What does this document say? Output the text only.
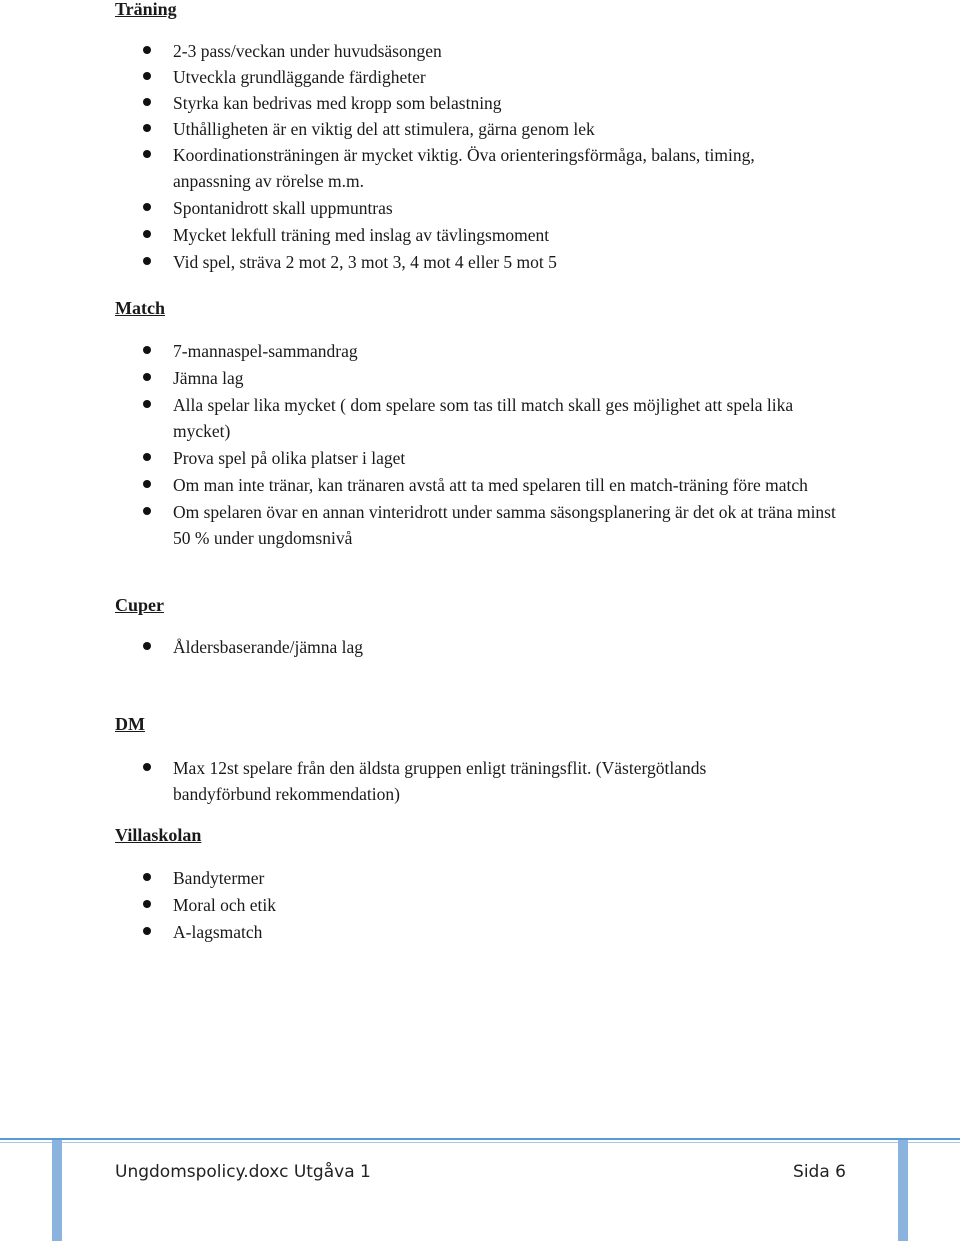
Träning
2-3 pass/veckan under huvudsäsongen
Utveckla grundläggande färdigheter
Styrka kan bedrivas med kropp som belastning
Uthålligheten är en viktig del att stimulera, gärna genom lek
Koordinationsträningen är mycket viktig. Öva orienteringsförmåga, balans, timing, anpassning av rörelse m.m.
Spontanidrott skall uppmuntras
Mycket lekfull träning med inslag av tävlingsmoment
Vid spel, sträva 2 mot 2, 3 mot 3, 4 mot 4 eller 5 mot 5
Match
7-mannaspel-sammandrag
Jämna lag
Alla spelar lika mycket ( dom spelare som tas till match skall ges möjlighet att spela lika mycket)
Prova spel på olika platser i laget
Om man inte tränar, kan tränaren avstå att ta med spelaren till en match-träning före match
Om spelaren övar en annan vinteridrott under samma säsongsplanering är det ok at träna minst 50 % under ungdomsnivå
Cuper
Åldersbaserande/jämna lag
DM
Max 12st spelare från den äldsta gruppen enligt träningsflit. (Västergötlands bandyförbund rekommendation)
Villaskolan
Bandytermer
Moral och etik
A-lagsmatch
Ungdomspolicy.doxc Utgåva 1	Sida 6
